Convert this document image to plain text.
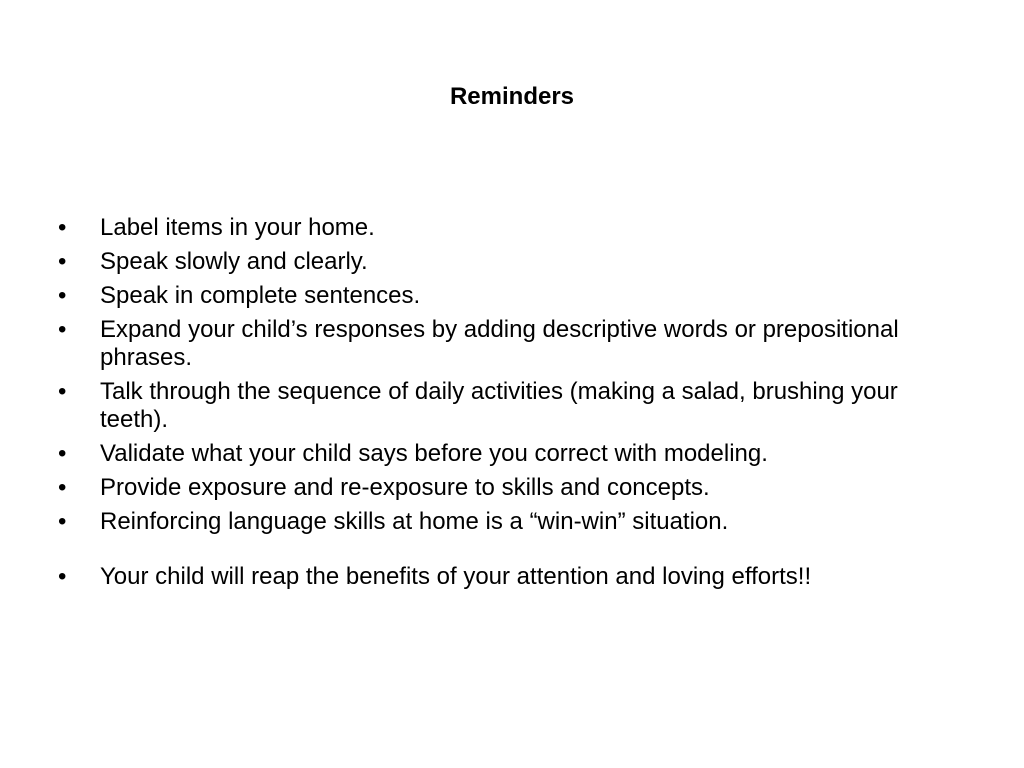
Reminders
•	Label items in your home.
•	Speak slowly and clearly.
•	Speak in complete sentences.
•	Expand your child’s responses by adding descriptive words or prepositional phrases.
•	Talk through the sequence of daily activities (making a salad, brushing your teeth).
•	Validate what your child says before you correct with modeling.
•	Provide exposure and re-exposure to skills and concepts.
•	Reinforcing language skills at home is a “win-win” situation.
•	Your child will reap the benefits of your attention and loving efforts!!
